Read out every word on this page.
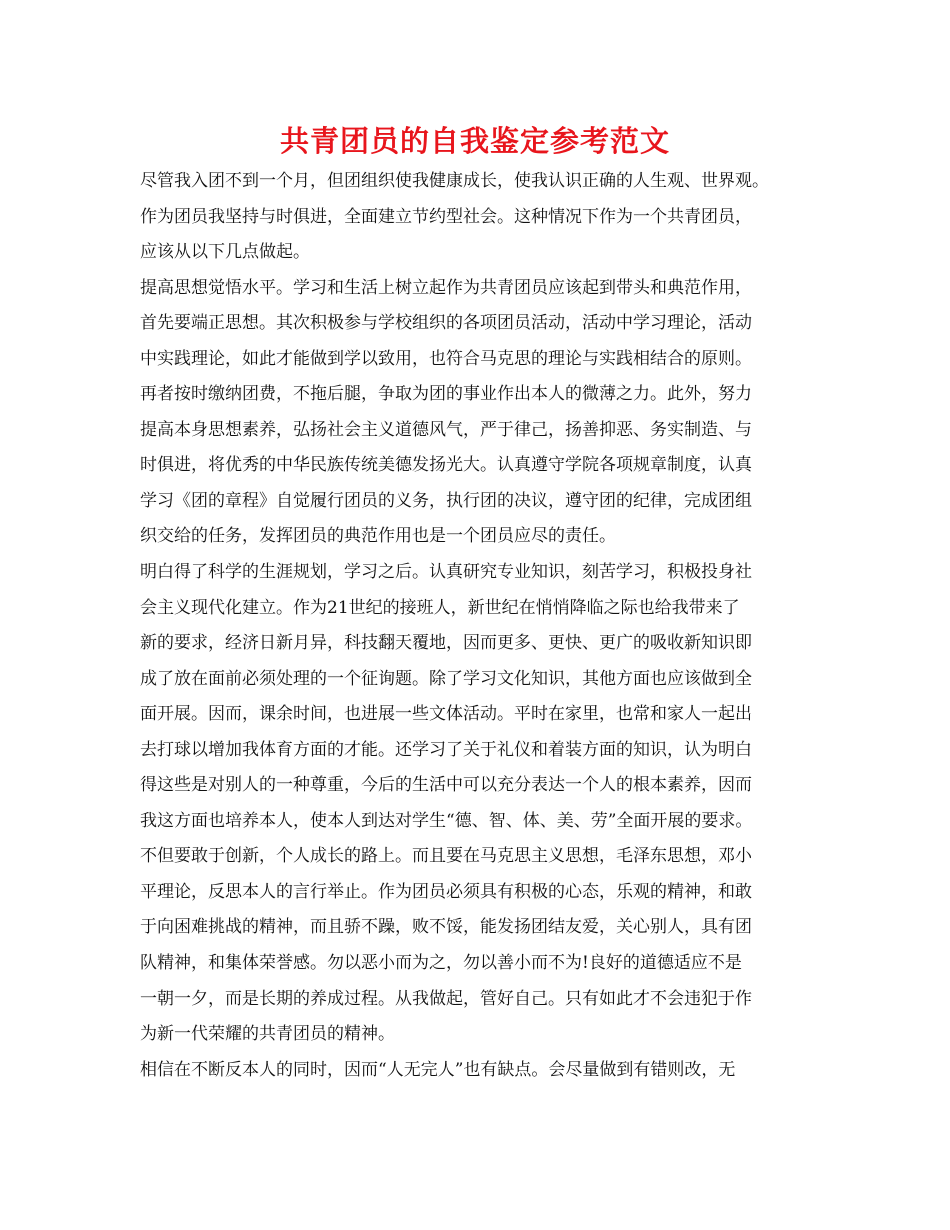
共青团员的自我鉴定参考范文
尽管我入团不到一个月，但团组织使我健康成长，使我认识正确的人生观、世界观。
作为团员我坚持与时俱进，全面建立节约型社会。这种情况下作为一个共青团员，
应该从以下几点做起。
提高思想觉悟水平。学习和生活上树立起作为共青团员应该起到带头和典范作用，
首先要端正思想。其次积极参与学校组织的各项团员活动，活动中学习理论，活动
中实践理论，如此才能做到学以致用，也符合马克思的理论与实践相结合的原则。
再者按时缴纳团费，不拖后腿，争取为团的事业作出本人的微薄之力。此外，努力
提高本身思想素养，弘扬社会主义道德风气，严于律己，扬善抑恶、务实制造、与
时俱进，将优秀的中华民族传统美德发扬光大。认真遵守学院各项规章制度，认真
学习《团的章程》自觉履行团员的义务，执行团的决议，遵守团的纪律，完成团组
织交给的任务，发挥团员的典范作用也是一个团员应尽的责任。
明白得了科学的生涯规划，学习之后。认真研究专业知识，刻苦学习，积极投身社
会主义现代化建立。作为21世纪的接班人，新世纪在悄悄降临之际也给我带来了
新的要求，经济日新月异，科技翻天覆地，因而更多、更快、更广的吸收新知识即
成了放在面前必须处理的一个征询题。除了学习文化知识，其他方面也应该做到全
面开展。因而，课余时间，也进展一些文体活动。平时在家里，也常和家人一起出
去打球以增加我体育方面的才能。还学习了关于礼仪和着装方面的知识，认为明白
得这些是对别人的一种尊重，今后的生活中可以充分表达一个人的根本素养，因而
我这方面也培养本人，使本人到达对学生“德、智、体、美、劳”全面开展的要求。
不但要敢于创新，个人成长的路上。而且要在马克思主义思想，毛泽东思想，邓小
平理论，反思本人的言行举止。作为团员必须具有积极的心态，乐观的精神，和敢
于向困难挑战的精神，而且骄不躁，败不馁，能发扬团结友爱，关心别人，具有团
队精神，和集体荣誉感。勿以恶小而为之，勿以善小而不为!良好的道德适应不是
一朝一夕，而是长期的养成过程。从我做起，管好自己。只有如此才不会违犯于作
为新一代荣耀的共青团员的精神。
相信在不断反本人的同时，因而“人无完人”也有缺点。会尽量做到有错则改，无
